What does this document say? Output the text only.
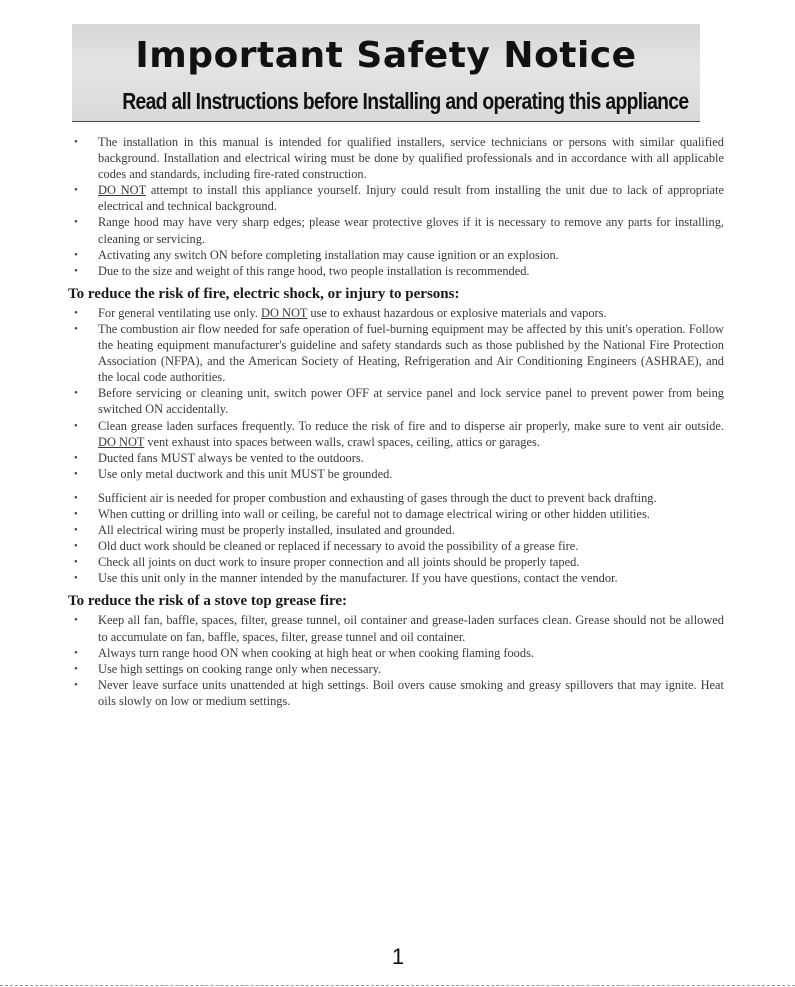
Important Safety Notice
Read all Instructions before Installing and operating this appliance
• The installation in this manual is intended for qualified installers, service technicians or persons with similar qualified background. Installation and electrical wiring must be done by qualified professionals and in accordance with all applicable codes and standards, including fire-rated construction.
• DO NOT attempt to install this appliance yourself. Injury could result from installing the unit due to lack of appropriate electrical and technical background.
• Range hood may have very sharp edges; please wear protective gloves if it is necessary to remove any parts for installing, cleaning or servicing.
• Activating any switch ON before completing installation may cause ignition or an explosion.
• Due to the size and weight of this range hood, two people installation is recommended.
To reduce the risk of fire, electric shock, or injury to persons:
• For general ventilating use only. DO NOT use to exhaust hazardous or explosive materials and vapors.
• The combustion air flow needed for safe operation of fuel-burning equipment may be affected by this unit's operation. Follow the heating equipment manufacturer's guideline and safety standards such as those published by the National Fire Protection Association (NFPA), and the American Society of Heating, Refrigeration and Air Conditioning Engineers (ASHRAE), and the local code authorities.
• Before servicing or cleaning unit, switch power OFF at service panel and lock service panel to prevent power from being switched ON accidentally.
• Clean grease laden surfaces frequently. To reduce the risk of fire and to disperse air properly, make sure to vent air outside. DO NOT vent exhaust into spaces between walls, crawl spaces, ceiling, attics or garages.
• Ducted fans MUST always be vented to the outdoors.
• Use only metal ductwork and this unit MUST be grounded.
• Sufficient air is needed for proper combustion and exhausting of gases through the duct to prevent back drafting.
• When cutting or drilling into wall or ceiling, be careful not to damage electrical wiring or other hidden utilities.
• All electrical wiring must be properly installed, insulated and grounded.
• Old duct work should be cleaned or replaced if necessary to avoid the possibility of a grease fire.
• Check all joints on duct work to insure proper connection and all joints should be properly taped.
• Use this unit only in the manner intended by the manufacturer. If you have questions, contact the vendor.
To reduce the risk of a stove top grease fire:
• Keep all fan, baffle, spaces, filter, grease tunnel, oil container and grease-laden surfaces clean. Grease should not be allowed to accumulate on fan, baffle, spaces, filter, grease tunnel and oil container.
• Always turn range hood ON when cooking at high heat or when cooking flaming foods.
• Use high settings on cooking range only when necessary.
• Never leave surface units unattended at high settings. Boil overs cause smoking and greasy spillovers that may ignite. Heat oils slowly on low or medium settings.
1
